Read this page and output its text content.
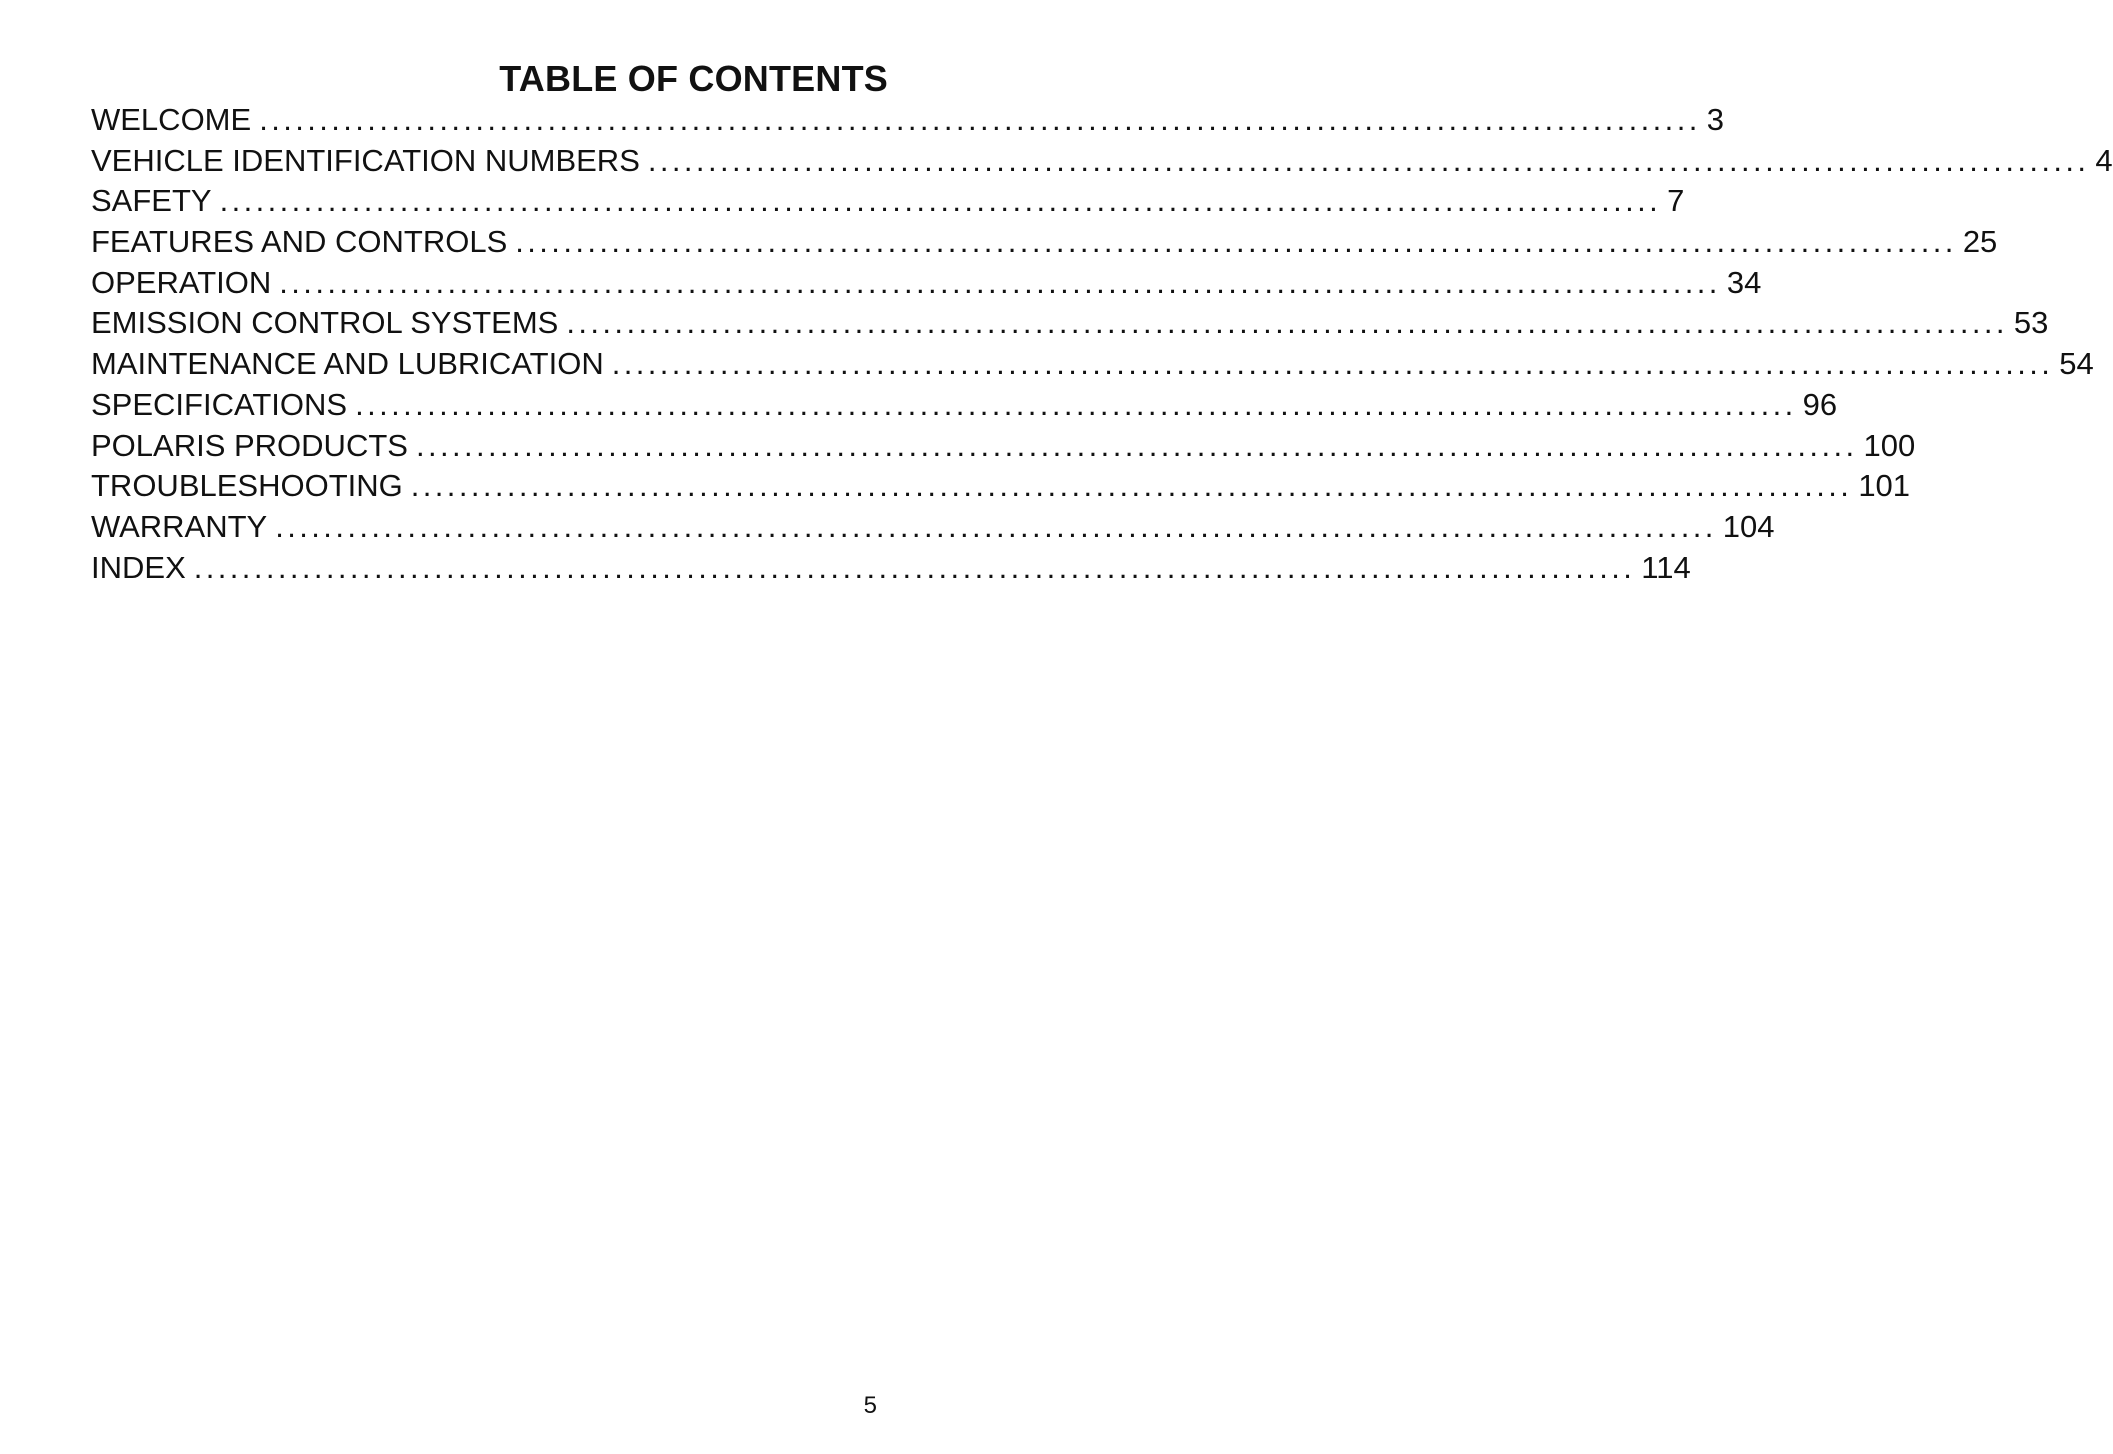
TABLE OF CONTENTS
WELCOME ........................................................................................................................ 3
VEHICLE IDENTIFICATION NUMBERS ........................................................................................................................ 4
SAFETY ........................................................................................................................ 7
FEATURES AND CONTROLS ........................................................................................................................ 25
OPERATION ........................................................................................................................ 34
EMISSION CONTROL SYSTEMS ........................................................................................................................ 53
MAINTENANCE AND LUBRICATION ........................................................................................................................ 54
SPECIFICATIONS ........................................................................................................................ 96
POLARIS PRODUCTS ........................................................................................................................ 100
TROUBLESHOOTING ........................................................................................................................ 101
WARRANTY ........................................................................................................................ 104
INDEX ........................................................................................................................ 114
5
